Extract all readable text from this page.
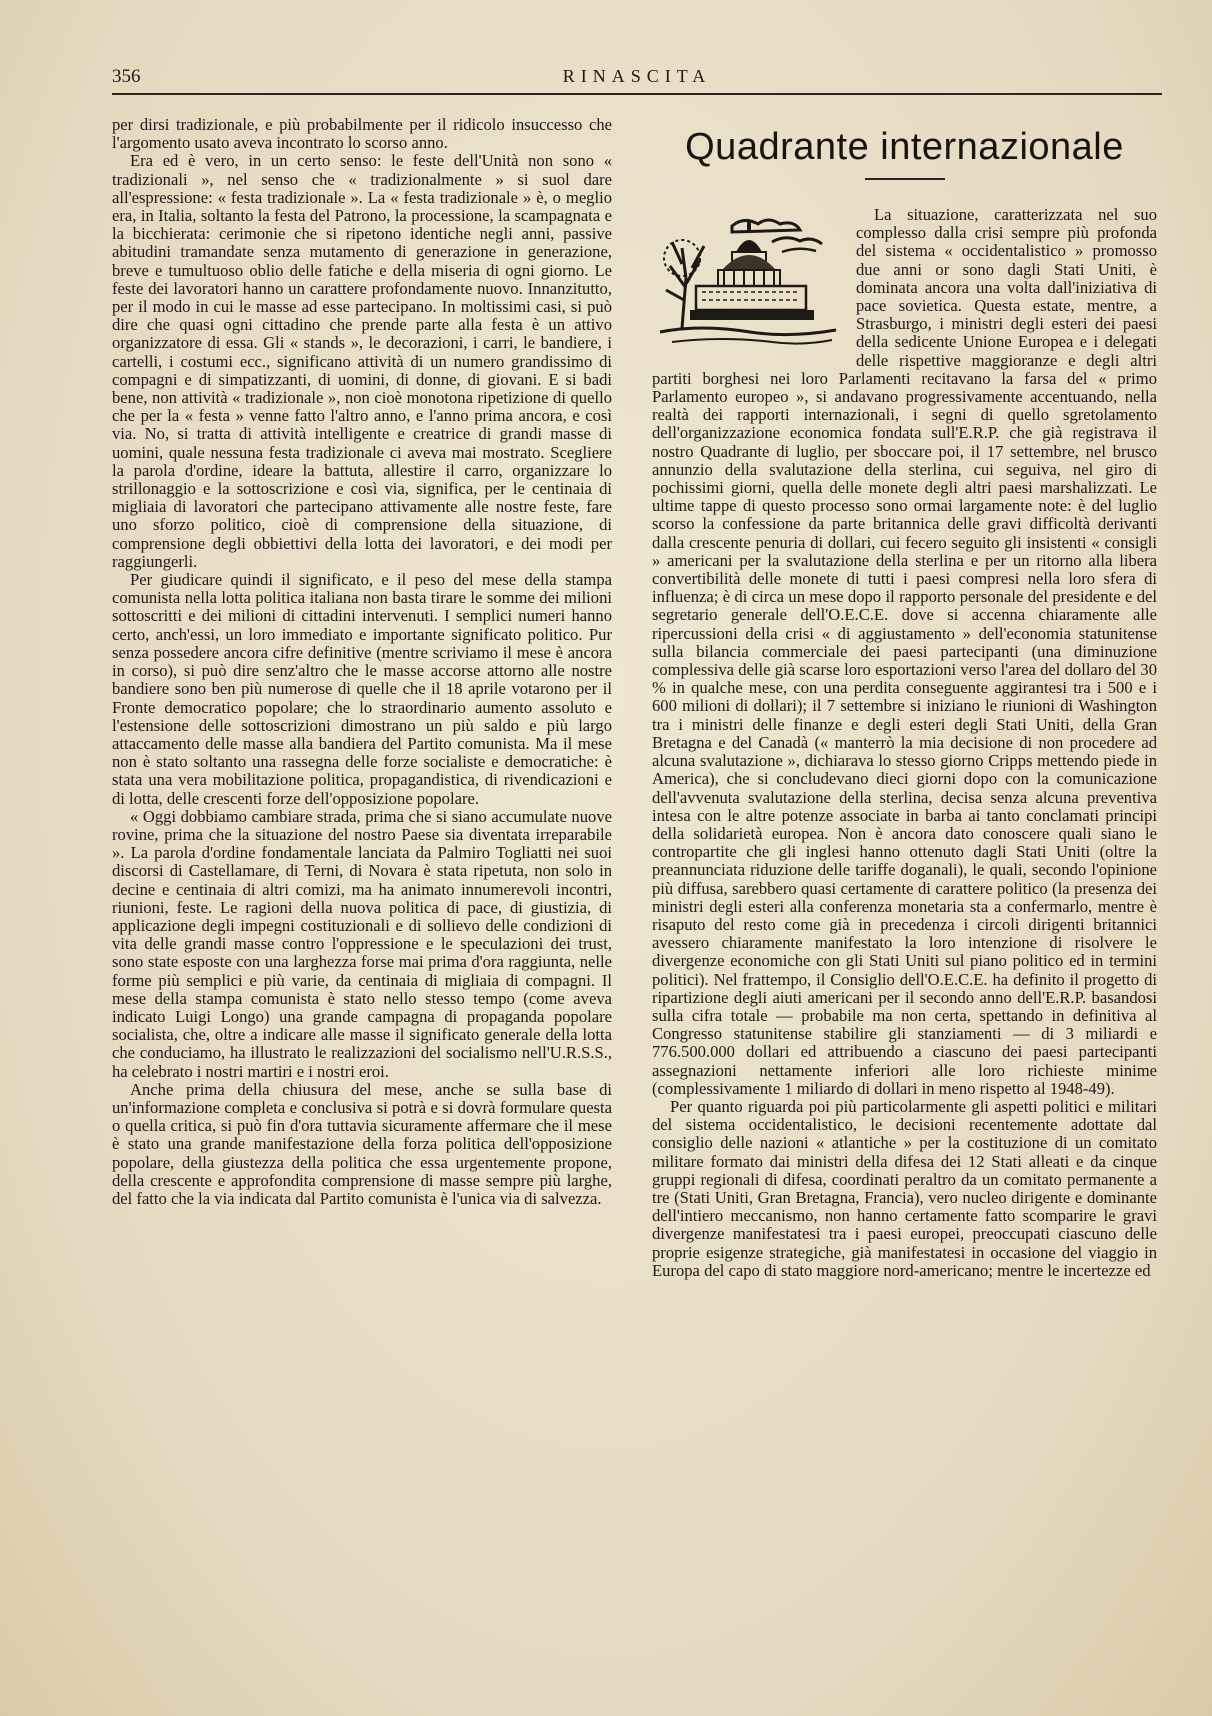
356	RINASCITA

per dirsi tradizionale, e più probabilmente per il ridicolo insuccesso che l'argomento usato aveva incontrato lo scorso anno.

Era ed è vero, in un certo senso: le feste dell'Unità non sono « tradizionali », nel senso che « tradizionalmente » si suol dare all'espressione: « festa tradizionale ». La « festa tradizionale » è, o meglio era, in Italia, soltanto la festa del Patrono, la processione, la scampagnata e la bicchierata: cerimonie che si ripetono identiche negli anni, passive abitudini tramandate senza mutamento di generazione in generazione, breve e tumultuoso oblio delle fatiche e della miseria di ogni giorno. Le feste dei lavoratori hanno un carattere profondamente nuovo. Innanzitutto, per il modo in cui le masse ad esse partecipano. In moltissimi casi, si può dire che quasi ogni cittadino che prende parte alla festa è un attivo organizzatore di essa. Gli « stands », le decorazioni, i carri, le bandiere, i cartelli, i costumi ecc., significano attività di un numero grandissimo di compagni e di simpatizzanti, di uomini, di donne, di giovani. E si badi bene, non attività « tradizionale », non cioè monotona ripetizione di quello che per la « festa » venne fatto l'altro anno, e l'anno prima ancora, e così via. No, si tratta di attività intelligente e creatrice di grandi masse di uomini, quale nessuna festa tradizionale ci aveva mai mostrato. Scegliere la parola d'ordine, ideare la battuta, allestire il carro, organizzare lo strillonaggio e la sottoscrizione e così via, significa, per le centinaia di migliaia di lavoratori che partecipano attivamente alle nostre feste, fare uno sforzo politico, cioè di comprensione della situazione, di comprensione degli obbiettivi della lotta dei lavoratori, e dei modi per raggiungerli.

Per giudicare quindi il significato, e il peso del mese della stampa comunista nella lotta politica italiana non basta tirare le somme dei milioni sottoscritti e dei milioni di cittadini intervenuti. I semplici numeri hanno certo, anch'essi, un loro immediato e importante significato politico. Pur senza possedere ancora cifre definitive (mentre scriviamo il mese è ancora in corso), si può dire senz'altro che le masse accorse attorno alle nostre bandiere sono ben più numerose di quelle che il 18 aprile votarono per il Fronte democratico popolare; che lo straordinario aumento assoluto e l'estensione delle sottoscrizioni dimostrano un più saldo e più largo attaccamento delle masse alla bandiera del Partito comunista. Ma il mese non è stato soltanto una rassegna delle forze socialiste e democratiche: è stata una vera mobilitazione politica, propagandistica, di rivendicazioni e di lotta, delle crescenti forze dell'opposizione popolare.

« Oggi dobbiamo cambiare strada, prima che si siano accumulate nuove rovine, prima che la situazione del nostro Paese sia diventata irreparabile ». La parola d'ordine fondamentale lanciata da Palmiro Togliatti nei suoi discorsi di Castellamare, di Terni, di Novara è stata ripetuta, non solo in decine e centinaia di altri comizi, ma ha animato innumerevoli incontri, riunioni, feste. Le ragioni della nuova politica di pace, di giustizia, di applicazione degli impegni costituzionali e di sollievo delle condizioni di vita delle grandi masse contro l'oppressione e le speculazioni dei trust, sono state esposte con una larghezza forse mai prima d'ora raggiunta, nelle forme più semplici e più varie, da centinaia di migliaia di compagni. Il mese della stampa comunista è stato nello stesso tempo (come aveva indicato Luigi Longo) una grande campagna di propaganda popolare socialista, che, oltre a indicare alle masse il significato generale della lotta che conduciamo, ha illustrato le realizzazioni del socialismo nell'U.R.S.S., ha celebrato i nostri martiri e i nostri eroi.

Anche prima della chiusura del mese, anche se sulla base di un'informazione completa e conclusiva si potrà e si dovrà formulare questa o quella critica, si può fin d'ora tuttavia sicuramente affermare che il mese è stato una grande manifestazione della forza politica dell'opposizione popolare, della giustezza della politica che essa urgentemente propone, della crescente e approfondita comprensione di masse sempre più larghe, del fatto che la via indicata dal Partito comunista è l'unica via di salvezza.

Quadrante internazionale

La situazione, caratterizzata nel suo complesso dalla crisi sempre più profonda del sistema « occidentalistico » promosso due anni or sono dagli Stati Uniti, è dominata ancora una volta dall'iniziativa di pace sovietica. Questa estate, mentre, a Strasburgo, i ministri degli esteri dei paesi della sedicente Unione Europea e i delegati delle rispettive maggioranze e degli altri partiti borghesi nei loro Parlamenti recitavano la farsa del « primo Parlamento europeo », si andavano progressivamente accentuando, nella realtà dei rapporti internazionali, i segni di quello sgretolamento dell'organizzazione economica fondata sull'E.R.P. che già registrava il nostro Quadrante di luglio, per sboccare poi, il 17 settembre, nel brusco annunzio della svalutazione della sterlina, cui seguiva, nel giro di pochissimi giorni, quella delle monete degli altri paesi marshalizzati. Le ultime tappe di questo processo sono ormai largamente note: è del luglio scorso la confessione da parte britannica delle gravi difficoltà derivanti dalla crescente penuria di dollari, cui fecero seguito gli insistenti « consigli » americani per la svalutazione della sterlina e per un ritorno alla libera convertibilità delle monete di tutti i paesi compresi nella loro sfera di influenza; è di circa un mese dopo il rapporto personale del presidente e del segretario generale dell'O.E.C.E. dove si accenna chiaramente alle ripercussioni della crisi « di aggiustamento » dell'economia statunitense sulla bilancia commerciale dei paesi partecipanti (una diminuzione complessiva delle già scarse loro esportazioni verso l'area del dollaro del 30 % in qualche mese, con una perdita conseguente aggirantesi tra i 500 e i 600 milioni di dollari); il 7 settembre si iniziano le riunioni di Washington tra i ministri delle finanze e degli esteri degli Stati Uniti, della Gran Bretagna e del Canadà (« manterrò la mia decisione di non procedere ad alcuna svalutazione », dichiarava lo stesso giorno Cripps mettendo piede in America), che si concludevano dieci giorni dopo con la comunicazione dell'avvenuta svalutazione della sterlina, decisa senza alcuna preventiva intesa con le altre potenze associate in barba ai tanto conclamati principi della solidarietà europea. Non è ancora dato conoscere quali siano le contropartite che gli inglesi hanno ottenuto dagli Stati Uniti (oltre la preannunciata riduzione delle tariffe doganali), le quali, secondo l'opinione più diffusa, sarebbero quasi certamente di carattere politico (la presenza dei ministri degli esteri alla conferenza monetaria sta a confermarlo, mentre è risaputo del resto come già in precedenza i circoli dirigenti britannici avessero chiaramente manifestato la loro intenzione di risolvere le divergenze economiche con gli Stati Uniti sul piano politico ed in termini politici). Nel frattempo, il Consiglio dell'O.E.C.E. ha definito il progetto di ripartizione degli aiuti americani per il secondo anno dell'E.R.P. basandosi sulla cifra totale — probabile ma non certa, spettando in definitiva al Congresso statunitense stabilire gli stanziamenti — di 3 miliardi e 776.500.000 dollari ed attribuendo a ciascuno dei paesi partecipanti assegnazioni nettamente inferiori alle loro richieste minime (complessivamente 1 miliardo di dollari in meno rispetto al 1948-49).

Per quanto riguarda poi più particolarmente gli aspetti politici e militari del sistema occidentalistico, le decisioni recentemente adottate dal consiglio delle nazioni « atlantiche » per la costituzione di un comitato militare formato dai ministri della difesa dei 12 Stati alleati e da cinque gruppi regionali di difesa, coordinati peraltro da un comitato permanente a tre (Stati Uniti, Gran Bretagna, Francia), vero nucleo dirigente e dominante dell'intiero meccanismo, non hanno certamente fatto scomparire le gravi divergenze manifestatesi tra i paesi europei, preoccupati ciascuno delle proprie esigenze strategiche, già manifestatesi in occasione del viaggio in Europa del capo di stato maggiore nord-americano; mentre le incertezze ed
